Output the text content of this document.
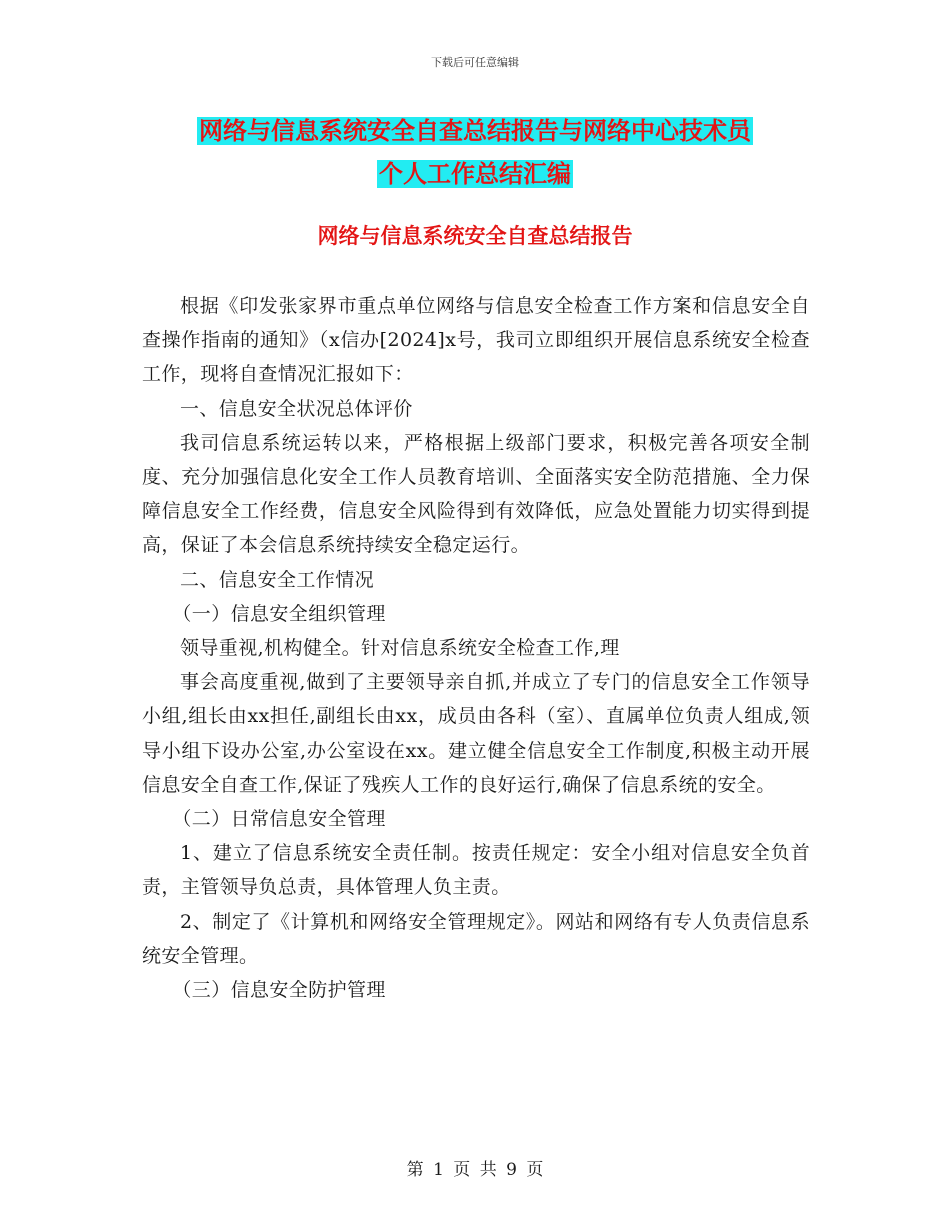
下载后可任意编辑
网络与信息系统安全自查总结报告与网络中心技术员
个人工作总结汇编
网络与信息系统安全自查总结报告

根据《印发张家界市重点单位网络与信息安全检查工作方案和信息安全自查操作指南的通知》（x信办[2024]x号，我司立即组织开展信息系统安全检查工作，现将自查情况汇报如下：

一、信息安全状况总体评价

我司信息系统运转以来，严格根据上级部门要求，积极完善各项安全制度、充分加强信息化安全工作人员教育培训、全面落实安全防范措施、全力保障信息安全工作经费，信息安全风险得到有效降低，应急处置能力切实得到提高，保证了本会信息系统持续安全稳定运行。

二、信息安全工作情况

（一）信息安全组织管理

领导重视,机构健全。针对信息系统安全检查工作,理

事会高度重视,做到了主要领导亲自抓,并成立了专门的信息安全工作领导小组,组长由xx担任,副组长由xx，成员由各科（室）、直属单位负责人组成,领导小组下设办公室,办公室设在xx。建立健全信息安全工作制度,积极主动开展信息安全自查工作,保证了残疾人工作的良好运行,确保了信息系统的安全。

（二）日常信息安全管理

1、建立了信息系统安全责任制。按责任规定：安全小组对信息安全负首责，主管领导负总责，具体管理人负主责。

2、制定了《计算机和网络安全管理规定》。网站和网络有专人负责信息系统安全管理。

（三）信息安全防护管理

第 1 页 共 9 页
